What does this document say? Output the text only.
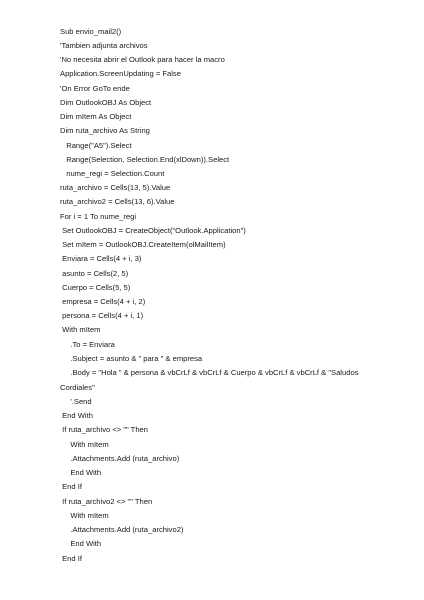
Sub envio_mail2()
'Tambien adjunta archivos
'No necesita abrir el Outlook para hacer la macro
Application.ScreenUpdating = False
'On Error GoTo ende
Dim OutlookOBJ As Object
Dim mItem As Object
Dim ruta_archivo As String
Range("A5").Select
Range(Selection, Selection.End(xlDown)).Select
nume_regi = Selection.Count
ruta_archivo = Cells(13, 5).Value
ruta_archivo2 = Cells(13, 6).Value
For i = 1 To nume_regi
Set OutlookOBJ = CreateObject("Outlook.Application")
Set mItem = OutlookOBJ.CreateItem(olMailItem)
Enviara = Cells(4 + i, 3)
asunto = Cells(2, 5)
Cuerpo = Cells(5, 5)
empresa = Cells(4 + i, 2)
persona = Cells(4 + i, 1)
With mItem
.To = Enviara
.Subject = asunto & " para " & empresa
.Body = "Hola " & persona & vbCrLf & vbCrLf & Cuerpo & vbCrLf & vbCrLf & "Saludos
Cordiales"
'.Send
End With
If ruta_archivo <> "" Then
With mItem
.Attachments.Add (ruta_archivo)
End With
End If
If ruta_archivo2 <> "" Then
With mItem
.Attachments.Add (ruta_archivo2)
End With
End If
